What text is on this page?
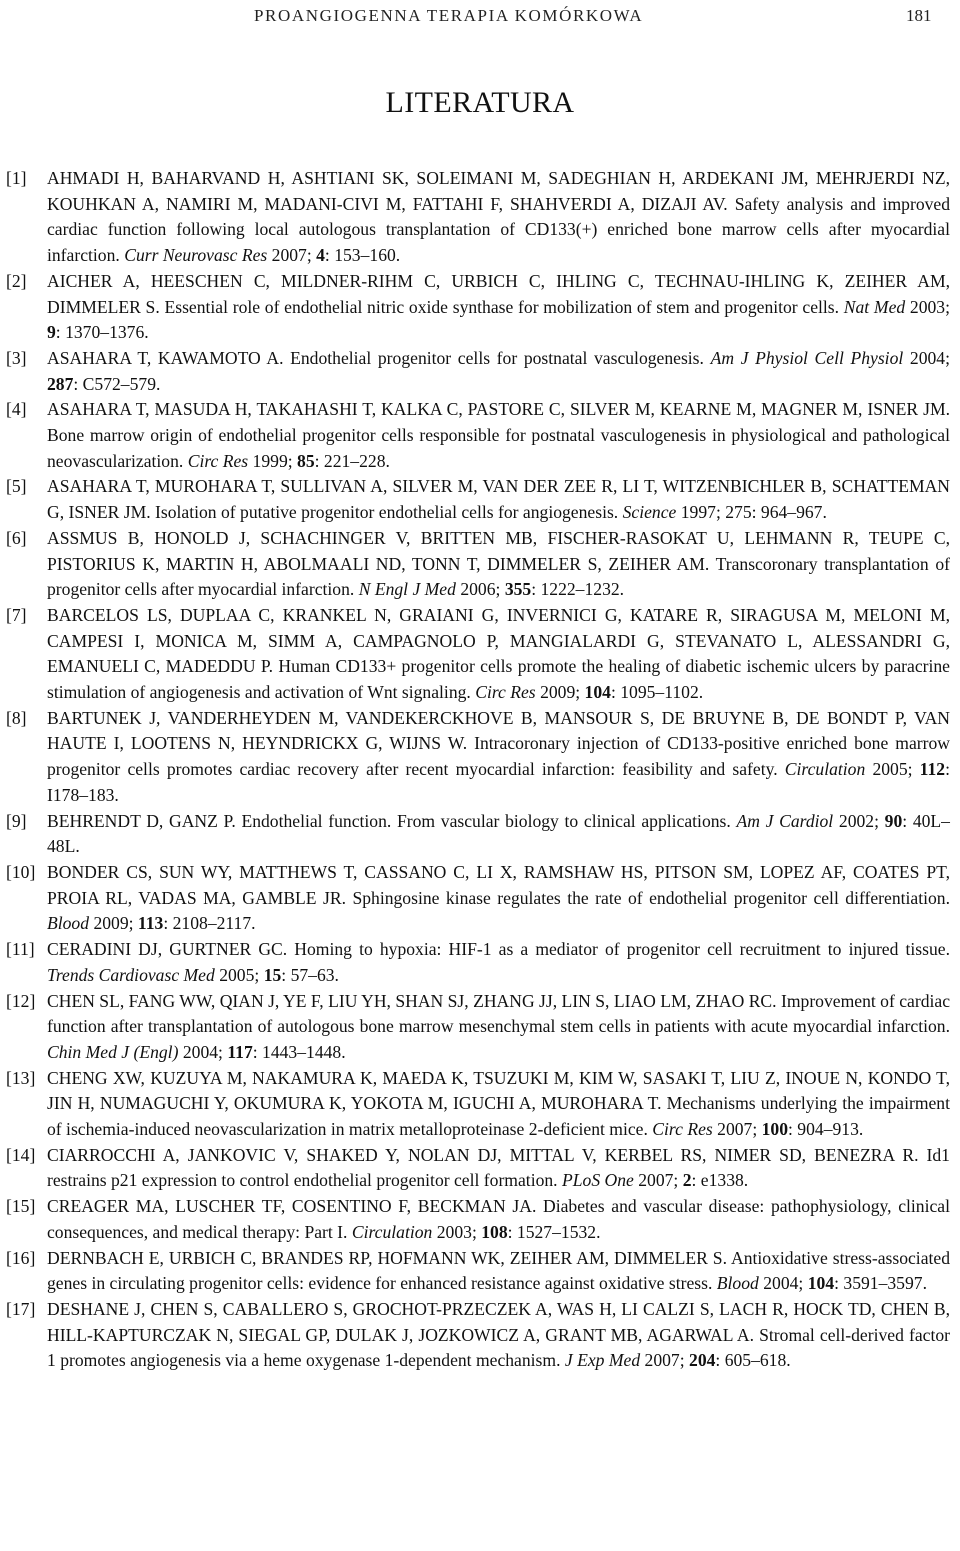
PROANGIOGENNA TERAPIA KOMÓRKOWA	181
LITERATURA
[1] AHMADI H, BAHARVAND H, ASHTIANI SK, SOLEIMANI M, SADEGHIAN H, ARDEKANI JM, MEHRJERDI NZ, KOUHKAN A, NAMIRI M, MADANI-CIVI M, FATTAHI F, SHAHVERDI A, DIZAJI AV. Safety analysis and improved cardiac function following local autologous transplantation of CD133(+) enriched bone marrow cells after myocardial infarction. Curr Neurovasc Res 2007; 4: 153–160.
[2] AICHER A, HEESCHEN C, MILDNER-RIHM C, URBICH C, IHLING C, TECHNAU-IHLING K, ZEIHER AM, DIMMELER S. Essential role of endothelial nitric oxide synthase for mobilization of stem and progenitor cells. Nat Med 2003; 9: 1370–1376.
[3] ASAHARA T, KAWAMOTO A. Endothelial progenitor cells for postnatal vasculogenesis. Am J Physiol Cell Physiol 2004; 287: C572–579.
[4] ASAHARA T, MASUDA H, TAKAHASHI T, KALKA C, PASTORE C, SILVER M, KEARNE M, MAGNER M, ISNER JM. Bone marrow origin of endothelial progenitor cells responsible for postnatal vasculogenesis in physiological and pathological neovascularization. Circ Res 1999; 85: 221–228.
[5] ASAHARA T, MUROHARA T, SULLIVAN A, SILVER M, VAN DER ZEE R, LI T, WITZENBICHLER B, SCHATTEMAN G, ISNER JM. Isolation of putative progenitor endothelial cells for angiogenesis. Science 1997; 275: 964–967.
[6] ASSMUS B, HONOLD J, SCHACHINGER V, BRITTEN MB, FISCHER-RASOKAT U, LEHMANN R, TEUPE C, PISTORIUS K, MARTIN H, ABOLMAALI ND, TONN T, DIMMELER S, ZEIHER AM. Transcoronary transplantation of progenitor cells after myocardial infarction. N Engl J Med 2006; 355: 1222–1232.
[7] BARCELOS LS, DUPLAA C, KRANKEL N, GRAIANI G, INVERNICI G, KATARE R, SIRAGUSA M, MELONI M, CAMPESI I, MONICA M, SIMM A, CAMPAGNOLO P, MANGIALARDI G, STEVANATO L, ALESSANDRI G, EMANUELI C, MADEDDU P. Human CD133+ progenitor cells promote the healing of diabetic ischemic ulcers by paracrine stimulation of angiogenesis and activation of Wnt signaling. Circ Res 2009; 104: 1095–1102.
[8] BARTUNEK J, VANDERHEYDEN M, VANDEKERCKHOVE B, MANSOUR S, DE BRUYNE B, DE BONDT P, VAN HAUTE I, LOOTENS N, HEYNDRICKX G, WIJNS W. Intracoronary injection of CD133-positive enriched bone marrow progenitor cells promotes cardiac recovery after recent myocardial infarction: feasibility and safety. Circulation 2005; 112: I178–183.
[9] BEHRENDT D, GANZ P. Endothelial function. From vascular biology to clinical applications. Am J Cardiol 2002; 90: 40L–48L.
[10] BONDER CS, SUN WY, MATTHEWS T, CASSANO C, LI X, RAMSHAW HS, PITSON SM, LOPEZ AF, COATES PT, PROIA RL, VADAS MA, GAMBLE JR. Sphingosine kinase regulates the rate of endothelial progenitor cell differentiation. Blood 2009; 113: 2108–2117.
[11] CERADINI DJ, GURTNER GC. Homing to hypoxia: HIF-1 as a mediator of progenitor cell recruitment to injured tissue. Trends Cardiovasc Med 2005; 15: 57–63.
[12] CHEN SL, FANG WW, QIAN J, YE F, LIU YH, SHAN SJ, ZHANG JJ, LIN S, LIAO LM, ZHAO RC. Improvement of cardiac function after transplantation of autologous bone marrow mesenchymal stem cells in patients with acute myocardial infarction. Chin Med J (Engl) 2004; 117: 1443–1448.
[13] CHENG XW, KUZUYA M, NAKAMURA K, MAEDA K, TSUZUKI M, KIM W, SASAKI T, LIU Z, INOUE N, KONDO T, JIN H, NUMAGUCHI Y, OKUMURA K, YOKOTA M, IGUCHI A, MUROHARA T. Mechanisms underlying the impairment of ischemia-induced neovascularization in matrix metalloproteinase 2-deficient mice. Circ Res 2007; 100: 904–913.
[14] CIARROCCHI A, JANKOVIC V, SHAKED Y, NOLAN DJ, MITTAL V, KERBEL RS, NIMER SD, BENEZRA R. Id1 restrains p21 expression to control endothelial progenitor cell formation. PLoS One 2007; 2: e1338.
[15] CREAGER MA, LUSCHER TF, COSENTINO F, BECKMAN JA. Diabetes and vascular disease: pathophysiology, clinical consequences, and medical therapy: Part I. Circulation 2003; 108: 1527–1532.
[16] DERNBACH E, URBICH C, BRANDES RP, HOFMANN WK, ZEIHER AM, DIMMELER S. Antioxidative stress-associated genes in circulating progenitor cells: evidence for enhanced resistance against oxidative stress. Blood 2004; 104: 3591–3597.
[17] DESHANE J, CHEN S, CABALLERO S, GROCHOT-PRZECZEK A, WAS H, LI CALZI S, LACH R, HOCK TD, CHEN B, HILL-KAPTURCZAK N, SIEGAL GP, DULAK J, JOZKOWICZ A, GRANT MB, AGARWAL A. Stromal cell-derived factor 1 promotes angiogenesis via a heme oxygenase 1-dependent mechanism. J Exp Med 2007; 204: 605–618.
